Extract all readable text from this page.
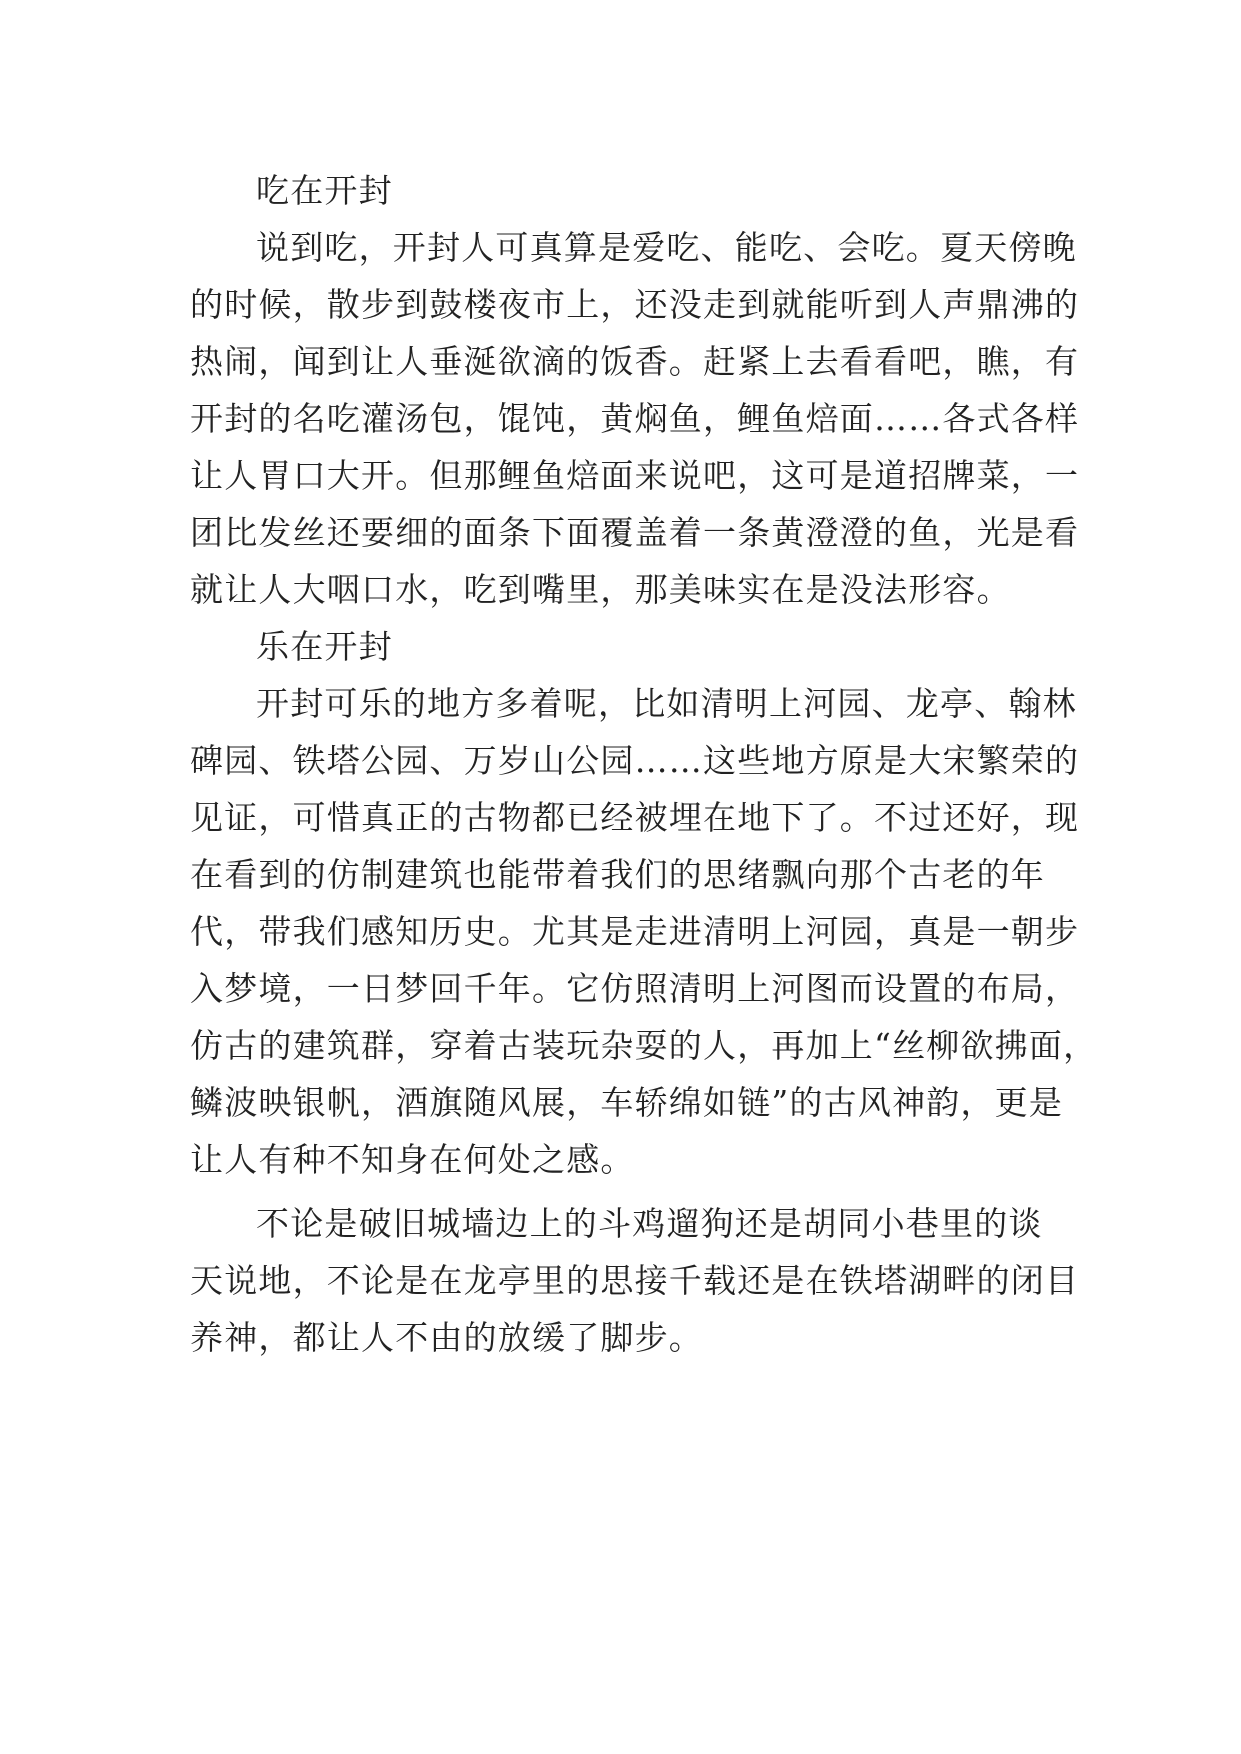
吃在开封

说到吃，开封人可真算是爱吃、能吃、会吃。夏天傍晚

的时候，散步到鼓楼夜市上，还没走到就能听到人声鼎沸的

热闹，闻到让人垂涎欲滴的饭香。赶紧上去看看吧，瞧，有

开封的名吃灌汤包，馄饨，黄焖鱼，鲤鱼焙面……各式各样

让人胃口大开。但那鲤鱼焙面来说吧，这可是道招牌菜，一

团比发丝还要细的面条下面覆盖着一条黄澄澄的鱼，光是看

就让人大咽口水，吃到嘴里，那美味实在是没法形容。

乐在开封

开封可乐的地方多着呢，比如清明上河园、龙亭、翰林

碑园、铁塔公园、万岁山公园……这些地方原是大宋繁荣的

见证，可惜真正的古物都已经被埋在地下了。不过还好，现

在看到的仿制建筑也能带着我们的思绪飘向那个古老的年

代，带我们感知历史。尤其是走进清明上河园，真是一朝步

入梦境，一日梦回千年。它仿照清明上河图而设置的布局，

仿古的建筑群，穿着古装玩杂耍的人，再加上“丝柳欲拂面，

鳞波映银帆，酒旗随风展，车轿绵如链”的古风神韵，更是

让人有种不知身在何处之感。

不论是破旧城墙边上的斗鸡遛狗还是胡同小巷里的谈

天说地，不论是在龙亭里的思接千载还是在铁塔湖畔的闭目

养神，都让人不由的放缓了脚步。
